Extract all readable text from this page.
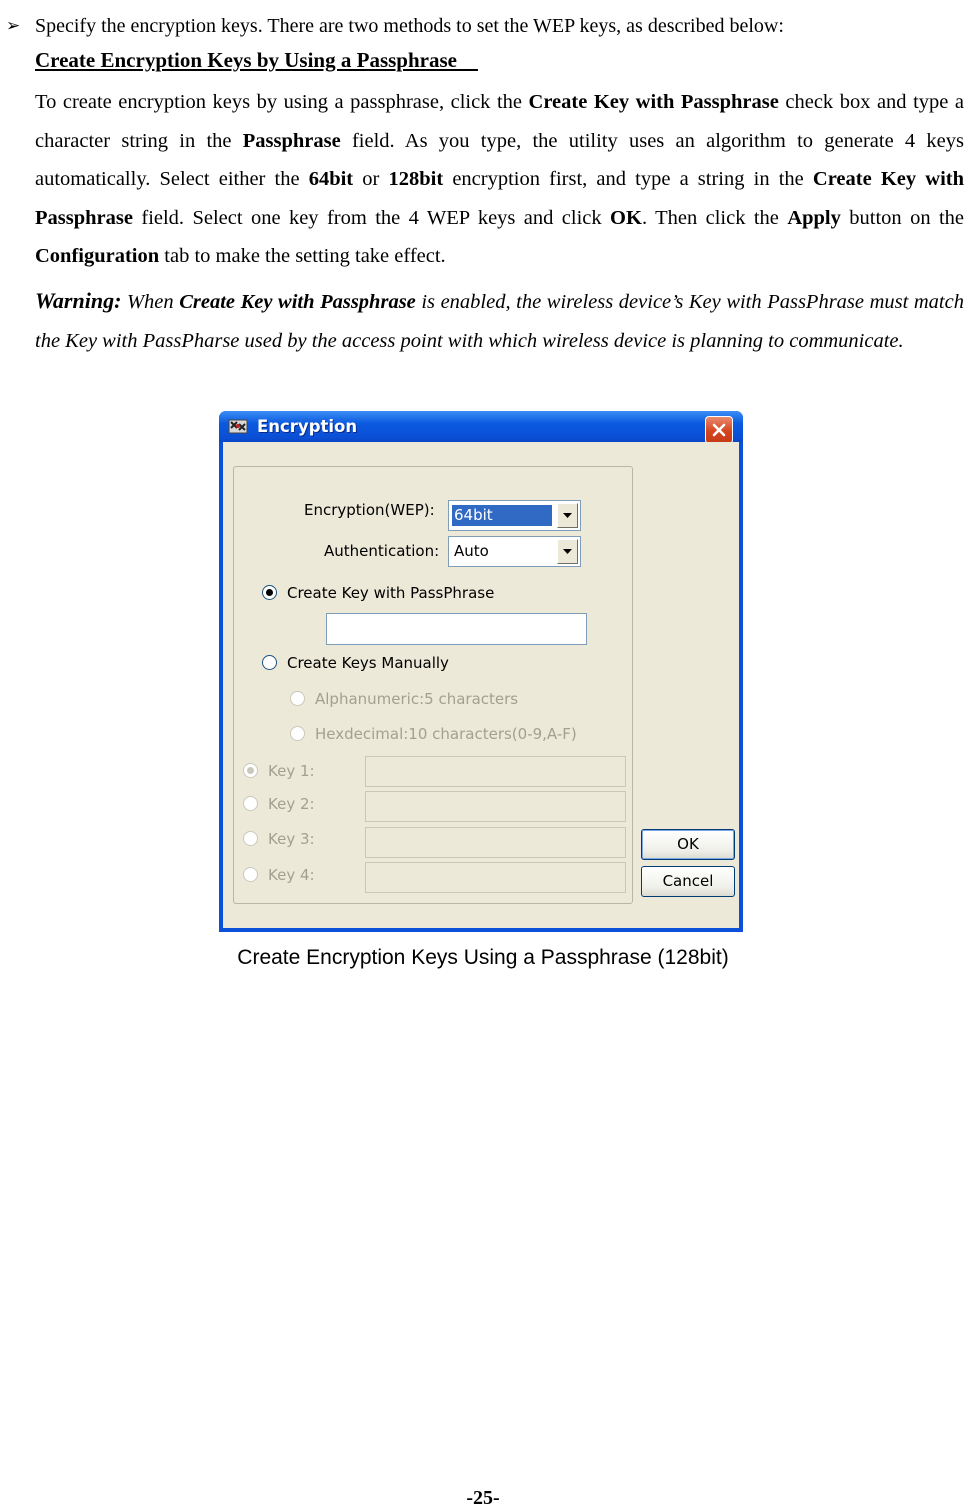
➢ Specify the encryption keys. There are two methods to set the WEP keys, as described below:
Create Encryption Keys by Using a Passphrase

To create encryption keys by using a passphrase, click the Create Key with Passphrase check box and type a character string in the Passphrase field. As you type, the utility uses an algorithm to generate 4 keys automatically. Select either the 64bit or 128bit encryption first, and type a string in the Create Key with Passphrase field. Select one key from the 4 WEP keys and click OK. Then click the Apply button on the Configuration tab to make the setting take effect.

Warning: When Create Key with Passphrase is enabled, the wireless device’s Key with PassPhrase must match the Key with PassPharse used by the access point with which wireless device is planning to communicate.

Encryption
Encryption(WEP): 64bit
Authentication: Auto
Create Key with PassPhrase
Create Keys Manually
Alphanumeric:5 characters
Hexdecimal:10 characters(0-9,A-F)
Key 1:
Key 2:
Key 3:
Key 4:
OK
Cancel
Create Encryption Keys Using a Passphrase (128bit)
-25-
